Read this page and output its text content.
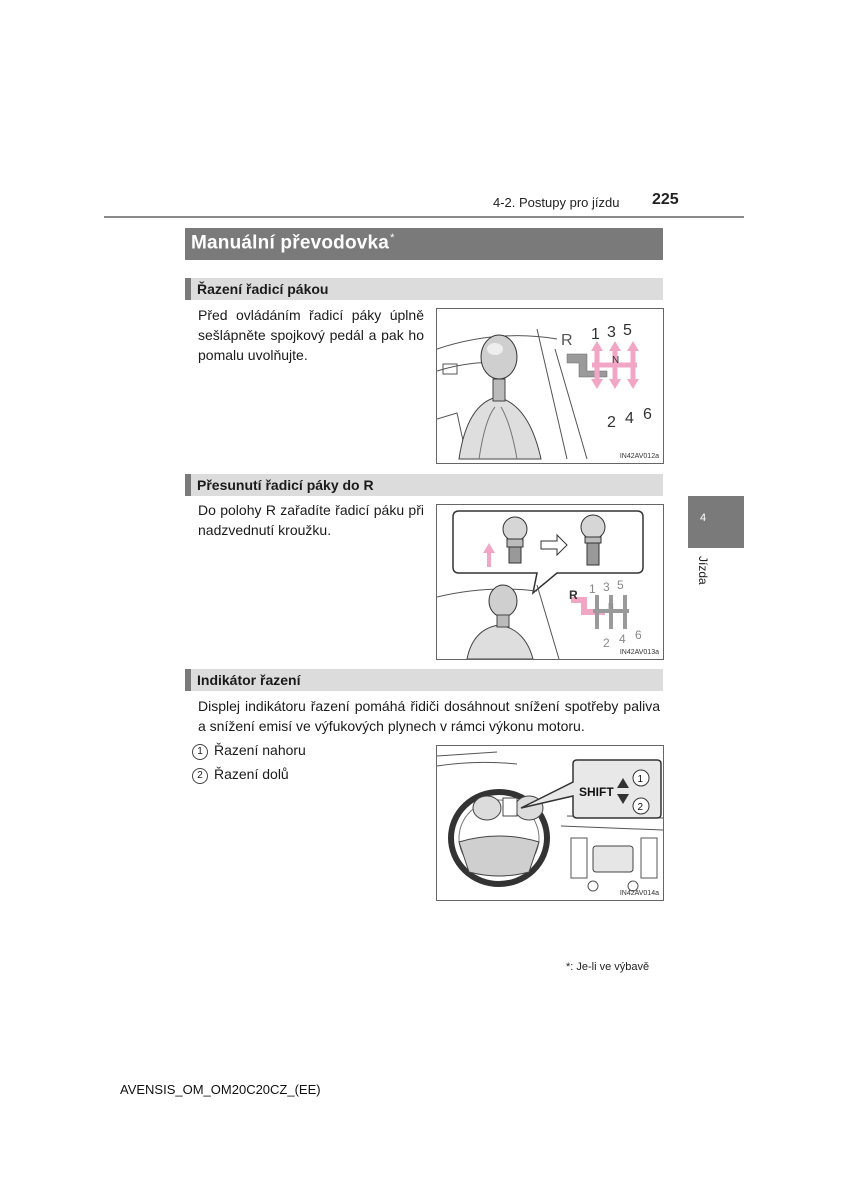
4-2. Postupy pro jízdu 225
Manuální převodovka*
Řazení řadicí pákou
Před ovládáním řadicí páky úplně sešlápněte spojkový pedál a pak ho pomalu uvolňujte.
R 1 3 5
N
2 4 6
IN42AV012a
Přesunutí řadicí páky do R
Do polohy R zařadíte řadicí páku při nadzvednutí kroužku.
R 1 3 5
N
2 4 6
IN42AV013a
Indikátor řazení
Displej indikátoru řazení pomáhá řidiči dosáhnout snížení spotřeby paliva a snížení emisí ve výfukových plynech v rámci výkonu motoru.
1 Řazení nahoru
2 Řazení dolů
SHIFT
1
2
IN42AV014a
4
Jízda
*: Je-li ve výbavě
AVENSIS_OM_OM20C20CZ_(EE)
